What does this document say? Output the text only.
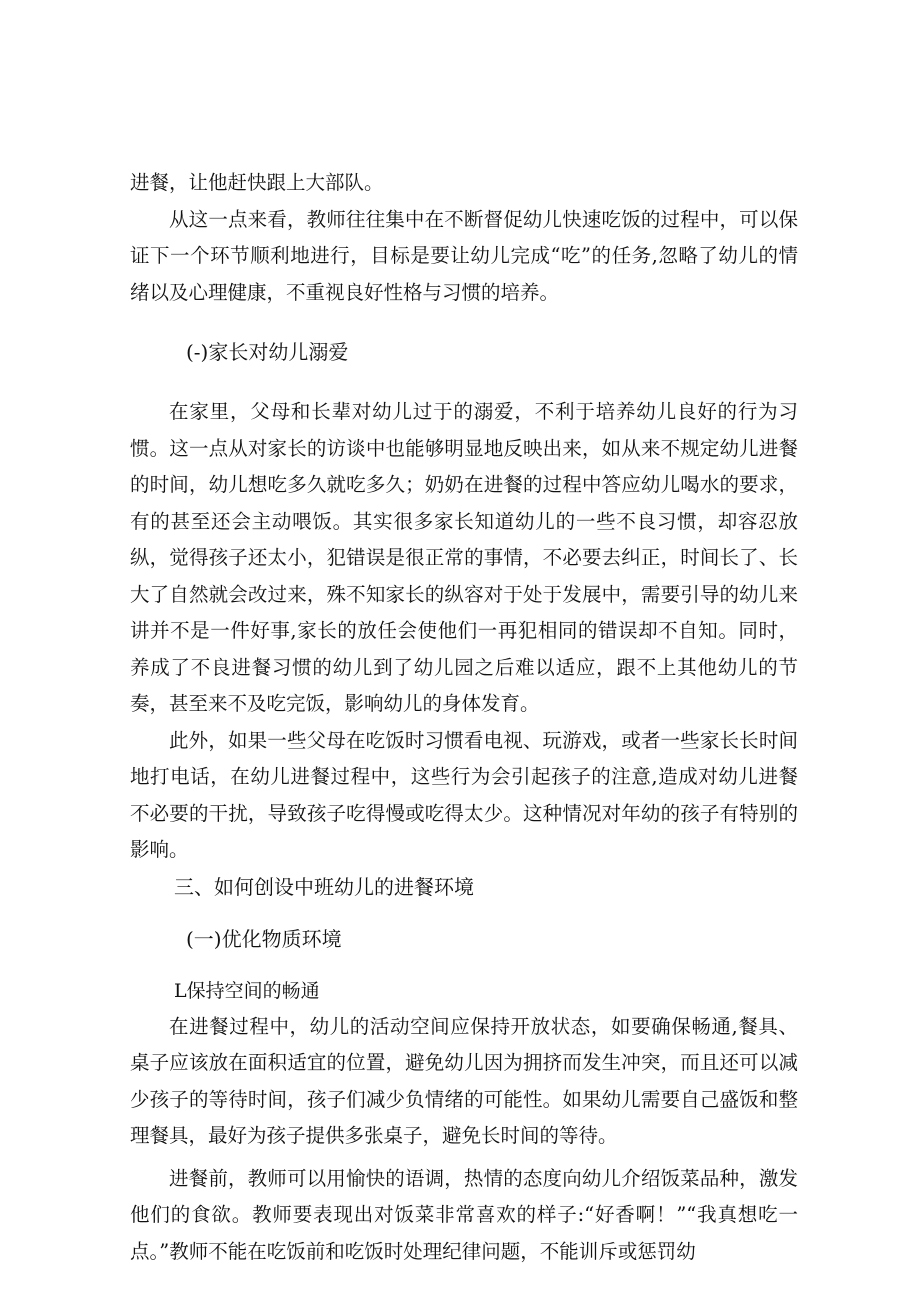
进餐，让他赶快跟上大部队。

从这一点来看，教师往往集中在不断督促幼儿快速吃饭的过程中，可以保证下一个环节顺利地进行，目标是要让幼儿完成“吃”的任务,忽略了幼儿的情绪以及心理健康，不重视良好性格与习惯的培养。

(-)家长对幼儿溺爱

在家里，父母和长辈对幼儿过于的溺爱，不利于培养幼儿良好的行为习惯。这一点从对家长的访谈中也能够明显地反映出来，如从来不规定幼儿进餐的时间，幼儿想吃多久就吃多久；奶奶在进餐的过程中答应幼儿喝水的要求，有的甚至还会主动喂饭。其实很多家长知道幼儿的一些不良习惯，却容忍放纵，觉得孩子还太小，犯错误是很正常的事情，不必要去纠正，时间长了、长大了自然就会改过来，殊不知家长的纵容对于处于发展中，需要引导的幼儿来讲并不是一件好事,家长的放任会使他们一再犯相同的错误却不自知。同时，养成了不良进餐习惯的幼儿到了幼儿园之后难以适应，跟不上其他幼儿的节奏，甚至来不及吃完饭，影响幼儿的身体发育。

此外，如果一些父母在吃饭时习惯看电视、玩游戏，或者一些家长长时间地打电话，在幼儿进餐过程中，这些行为会引起孩子的注意,造成对幼儿进餐不必要的干扰，导致孩子吃得慢或吃得太少。这种情况对年幼的孩子有特别的影响。

三、如何创设中班幼儿的进餐环境

(一)优化物质环境

L保持空间的畅通

在进餐过程中，幼儿的活动空间应保持开放状态，如要确保畅通,餐具、桌子应该放在面积适宜的位置，避免幼儿因为拥挤而发生冲突，而且还可以减少孩子的等待时间，孩子们减少负情绪的可能性。如果幼儿需要自己盛饭和整理餐具，最好为孩子提供多张桌子，避免长时间的等待。

进餐前，教师可以用愉快的语调，热情的态度向幼儿介绍饭菜品种，激发他们的食欲。教师要表现出对饭菜非常喜欢的样子:“好香啊！”“我真想吃一点。”教师不能在吃饭前和吃饭时处理纪律问题，不能训斥或惩罚幼
